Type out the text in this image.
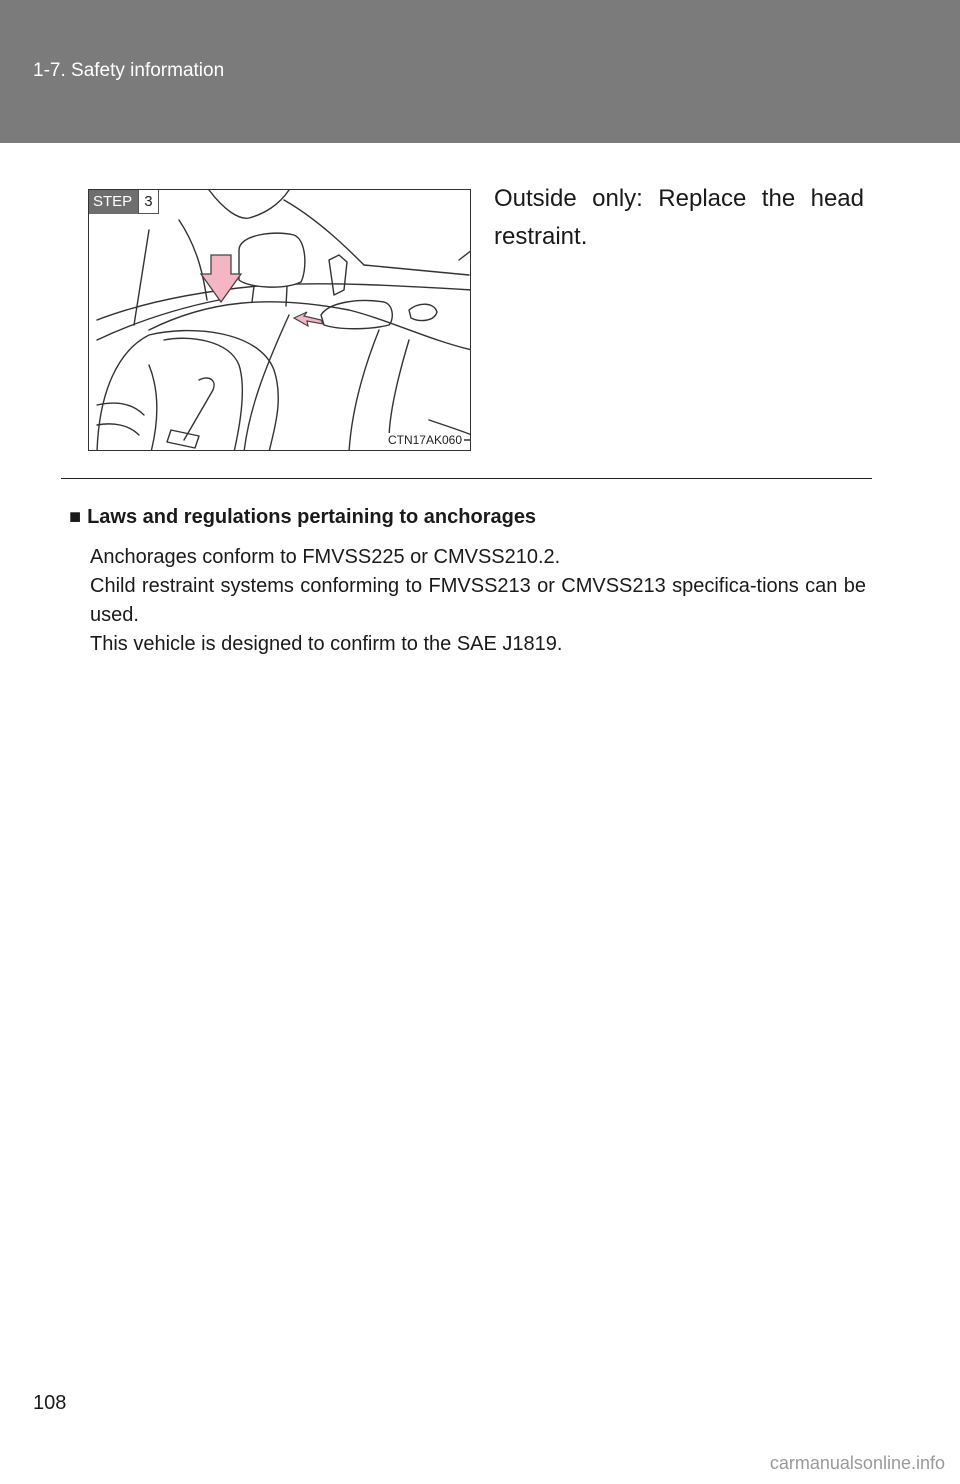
1-7. Safety information
STEP 3
CTN17AK060
Outside only: Replace the head restraint.
■ Laws and regulations pertaining to anchorages

Anchorages conform to FMVSS225 or CMVSS210.2.

Child restraint systems conforming to FMVSS213 or CMVSS213 specifica-tions can be used.

This vehicle is designed to confirm to the SAE J1819.

108
carmanualsonline.info
